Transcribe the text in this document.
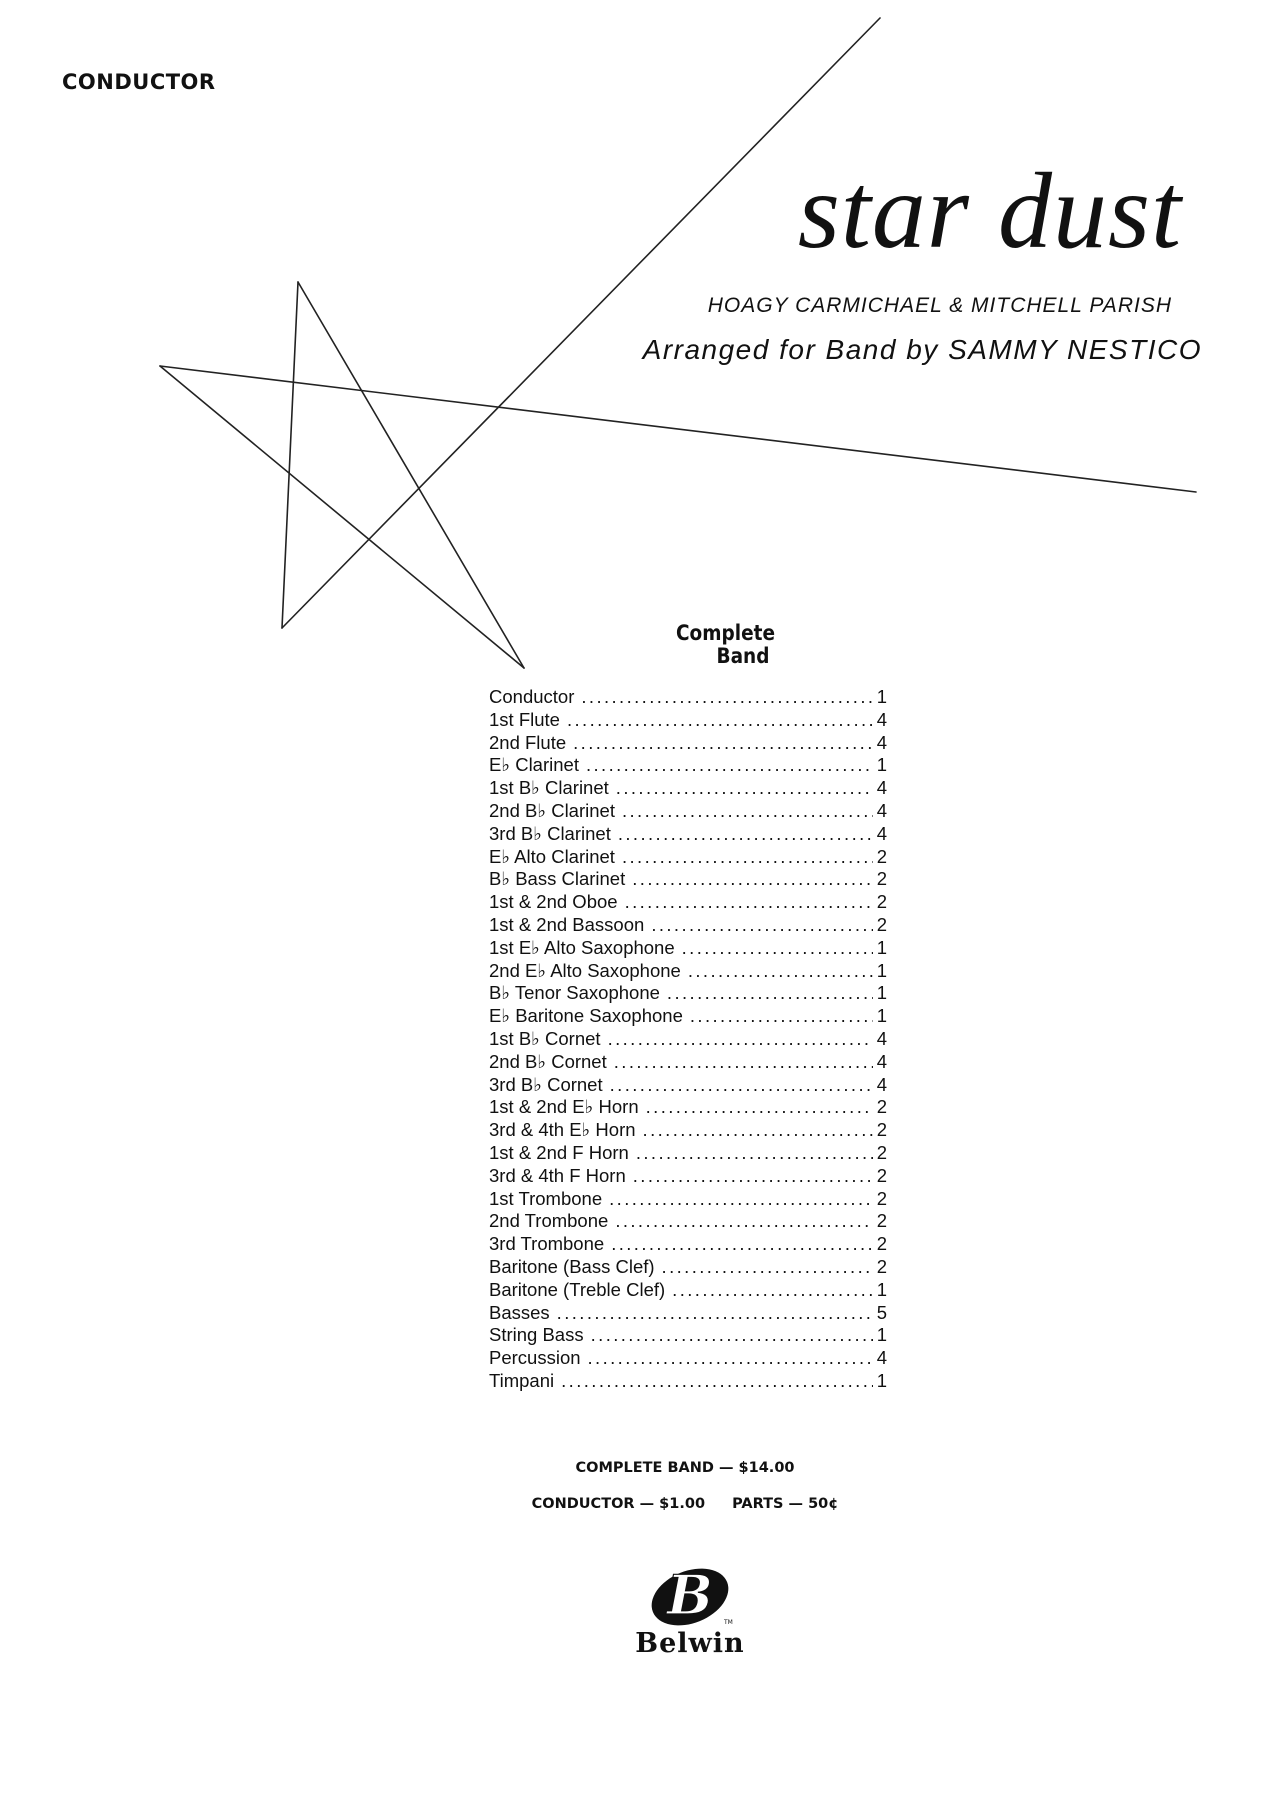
CONDUCTOR
star dust
HOAGY CARMICHAEL & MITCHELL PARISH
Arranged for Band by SAMMY NESTICO
Complete
Band
Conductor .....	1
1st Flute .....	4
2nd Flute .....	4
E♭ Clarinet .....	1
1st B♭ Clarinet .....	4
2nd B♭ Clarinet .....	4
3rd B♭ Clarinet .....	4
E♭ Alto Clarinet .....	2
B♭ Bass Clarinet .....	2
1st & 2nd Oboe .....	2
1st & 2nd Bassoon .....	2
1st E♭ Alto Saxophone .....	1
2nd E♭ Alto Saxophone .....	1
B♭ Tenor Saxophone .....	1
E♭ Baritone Saxophone .....	1
1st B♭ Cornet .....	4
2nd B♭ Cornet .....	4
3rd B♭ Cornet .....	4
1st & 2nd E♭ Horn .....	2
3rd & 4th E♭ Horn .....	2
1st & 2nd F Horn .....	2
3rd & 4th F Horn .....	2
1st Trombone .....	2
2nd Trombone .....	2
3rd Trombone .....	2
Baritone (Bass Clef) .....	2
Baritone (Treble Clef) .....	1
Basses .....	5
String Bass .....	1
Percussion .....	4
Timpani .....	1
COMPLETE BAND — $14.00
CONDUCTOR — $1.00 PARTS — 50¢
B TM
Belwin
